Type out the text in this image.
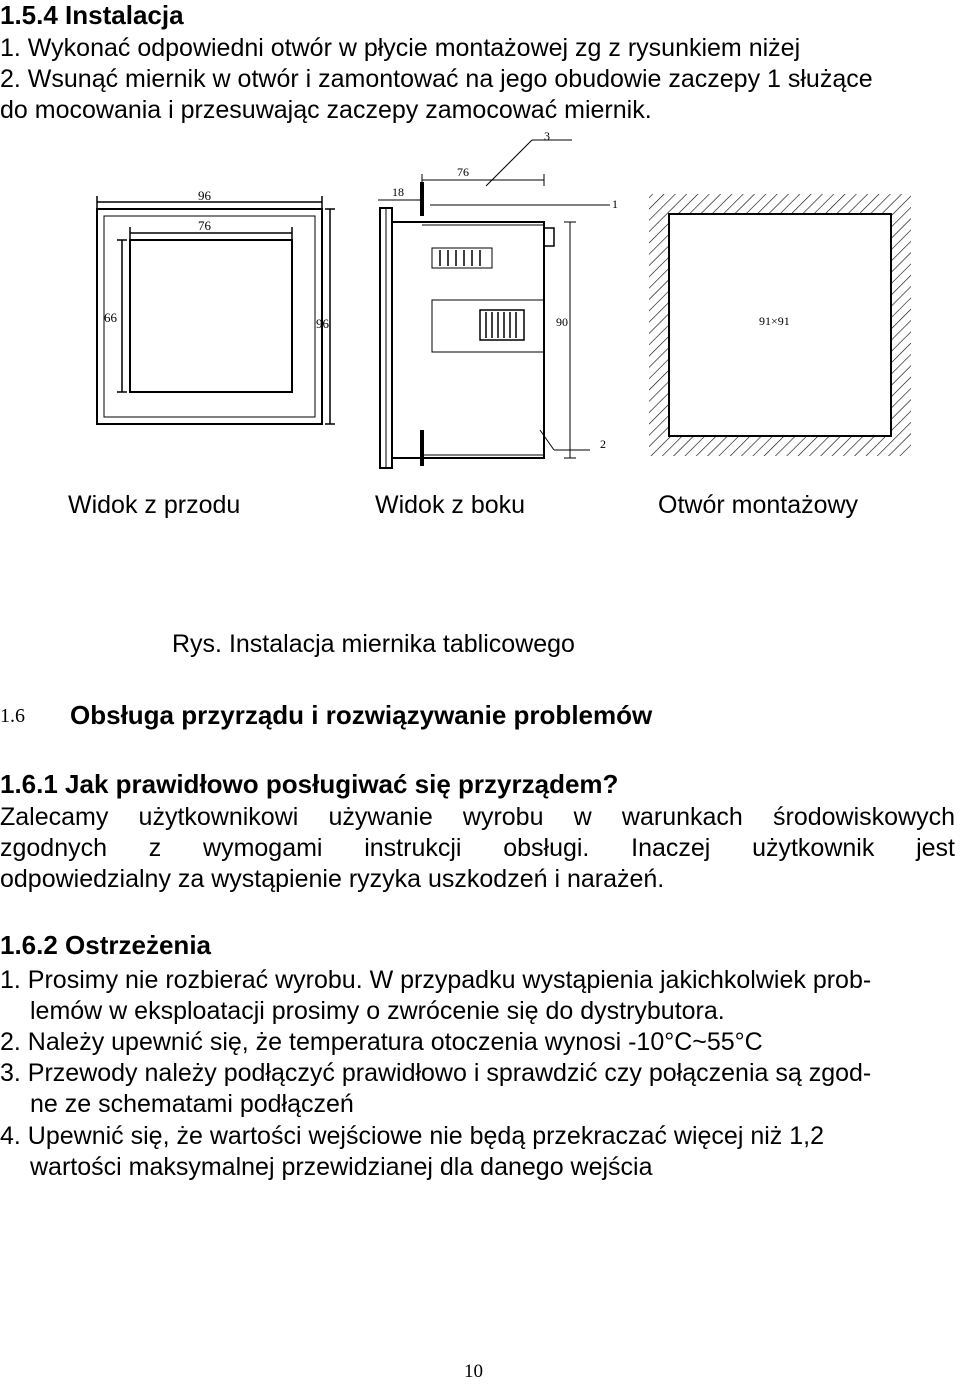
1.5.4 Instalacja
1. Wykonać odpowiedni otwór w płycie montażowej zg z rysunkiem niżej
2. Wsunąć miernik w otwór i zamontować na jego obudowie zaczepy 1 służące
do mocowania i przesuwając zaczepy zamocować miernik.
96
76
66	96
18
76
90
1
2
3
91×91
Widok z przodu	Widok z boku	Otwór montażowy
Rys. Instalacja miernika tablicowego
1.6 Obsługa przyrządu i rozwiązywanie problemów
1.6.1 Jak prawidłowo posługiwać się przyrządem?
Zalecamy użytkownikowi używanie wyrobu w warunkach środowiskowych
zgodnych z wymogami instrukcji obsługi. Inaczej użytkownik jest
odpowiedzialny za wystąpienie ryzyka uszkodzeń i narażeń.
1.6.2 Ostrzeżenia
1. Prosimy nie rozbierać wyrobu. W przypadku wystąpienia jakichkolwiek prob-
lemów w eksploatacji prosimy o zwrócenie się do dystrybutora.
2. Należy upewnić się, że temperatura otoczenia wynosi -10°C~55°C
3. Przewody należy podłączyć prawidłowo i sprawdzić czy połączenia są zgod-
ne ze schematami podłączeń
4. Upewnić się, że wartości wejściowe nie będą przekraczać więcej niż 1,2
wartości maksymalnej przewidzianej dla danego wejścia
10
